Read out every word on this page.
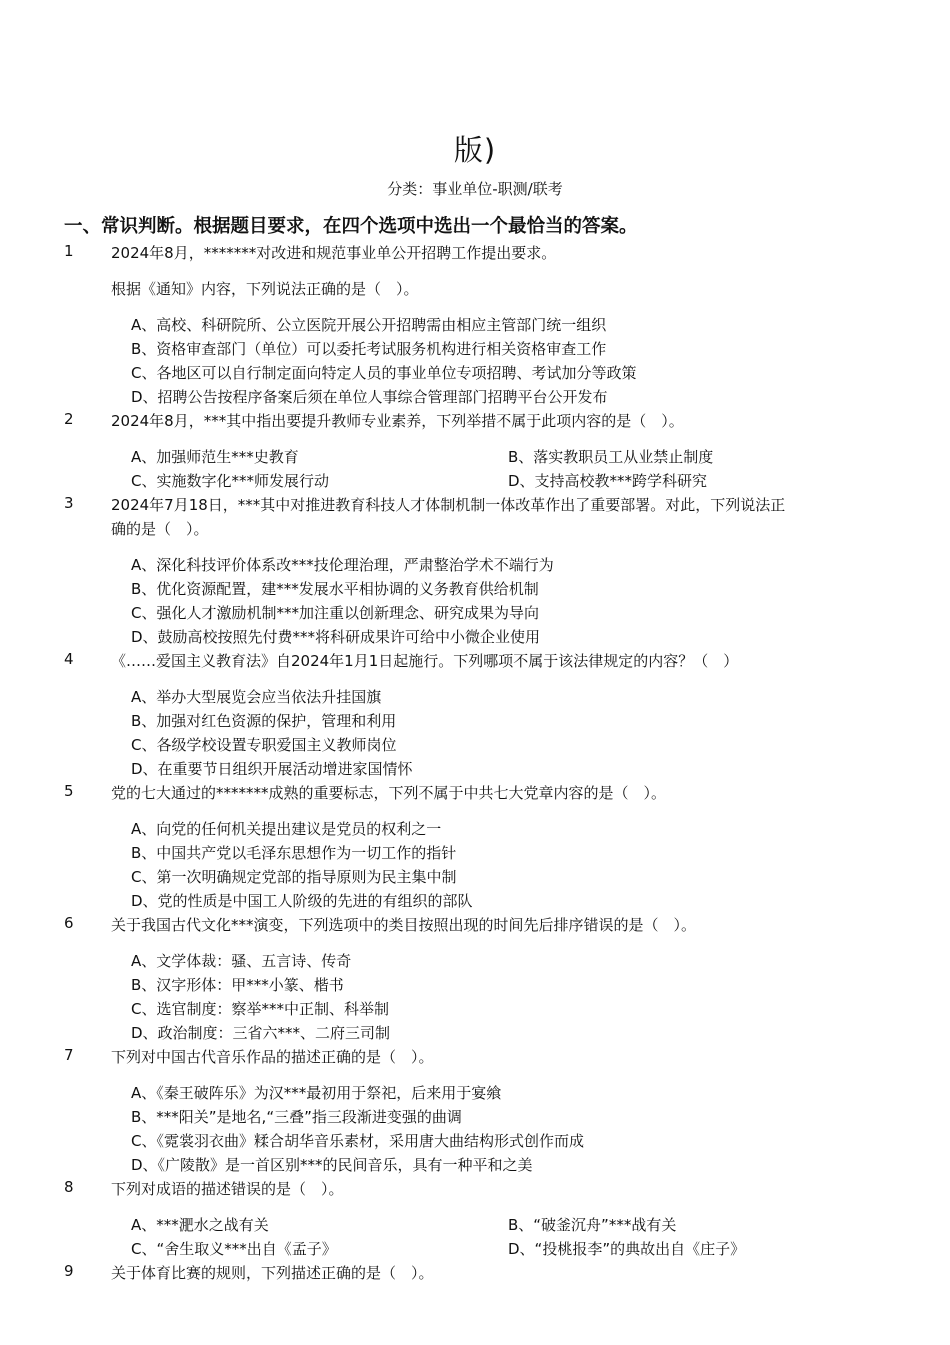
版)
分类：事业单位-职测/联考
一、常识判断。根据题目要求，在四个选项中选出一个最恰当的答案。
1 2024年8月，*******对改进和规范事业单公开招聘工作提出要求。
根据《通知》内容，下列说法正确的是（　）。
A、高校、科研院所、公立医院开展公开招聘需由相应主管部门统一组织
B、资格审查部门（单位）可以委托考试服务机构进行相关资格审查工作
C、各地区可以自行制定面向特定人员的事业单位专项招聘、考试加分等政策
D、招聘公告按程序备案后须在单位人事综合管理部门招聘平台公开发布
2 2024年8月，***其中指出要提升教师专业素养，下列举措不属于此项内容的是（　）。
A、加强师范生***史教育	B、落实教职员工从业禁止制度
C、实施数字化***师发展行动	D、支持高校教***跨学科研究
3 2024年7月18日，***其中对推进教育科技人才体制机制一体改革作出了重要部署。对此，下列说法正
确的是（　）。
A、深化科技评价体系改***技伦理治理，严肃整治学术不端行为
B、优化资源配置，建***发展水平相协调的义务教育供给机制
C、强化人才激励机制***加注重以创新理念、研究成果为导向
D、鼓励高校按照先付费***将科研成果许可给中小微企业使用
4 《……爱国主义教育法》自2024年1月1日起施行。下列哪项不属于该法律规定的内容？（　）
A、举办大型展览会应当依法升挂国旗
B、加强对红色资源的保护，管理和利用
C、各级学校设置专职爱国主义教师岗位
D、在重要节日组织开展活动增进家国情怀
5 党的七大通过的*******成熟的重要标志，下列不属于中共七大党章内容的是（　）。
A、向党的任何机关提出建议是党员的权利之一
B、中国共产党以毛泽东思想作为一切工作的指针
C、第一次明确规定党部的指导原则为民主集中制
D、党的性质是中国工人阶级的先进的有组织的部队
6 关于我国古代文化***演变，下列选项中的类目按照出现的时间先后排序错误的是（　）。
A、文学体裁：骚、五言诗、传奇
B、汉字形体：甲***小篆、楷书
C、选官制度：察举***中正制、科举制
D、政治制度：三省六***、二府三司制
7 下列对中国古代音乐作品的描述正确的是（　）。
A、《秦王破阵乐》为汉***最初用于祭祀，后来用于宴飨
B、***阳关”是地名,“三叠”指三段渐进变强的曲调
C、《霓裳羽衣曲》糅合胡华音乐素材，采用唐大曲结构形式创作而成
D、《广陵散》是一首区别***的民间音乐，具有一种平和之美
8 下列对成语的描述错误的是（　）。
A、***淝水之战有关	B、“破釜沉舟”***战有关
C、“舍生取义***出自《孟子》	D、“投桃报李”的典故出自《庄子》
9 关于体育比赛的规则，下列描述正确的是（　）。
